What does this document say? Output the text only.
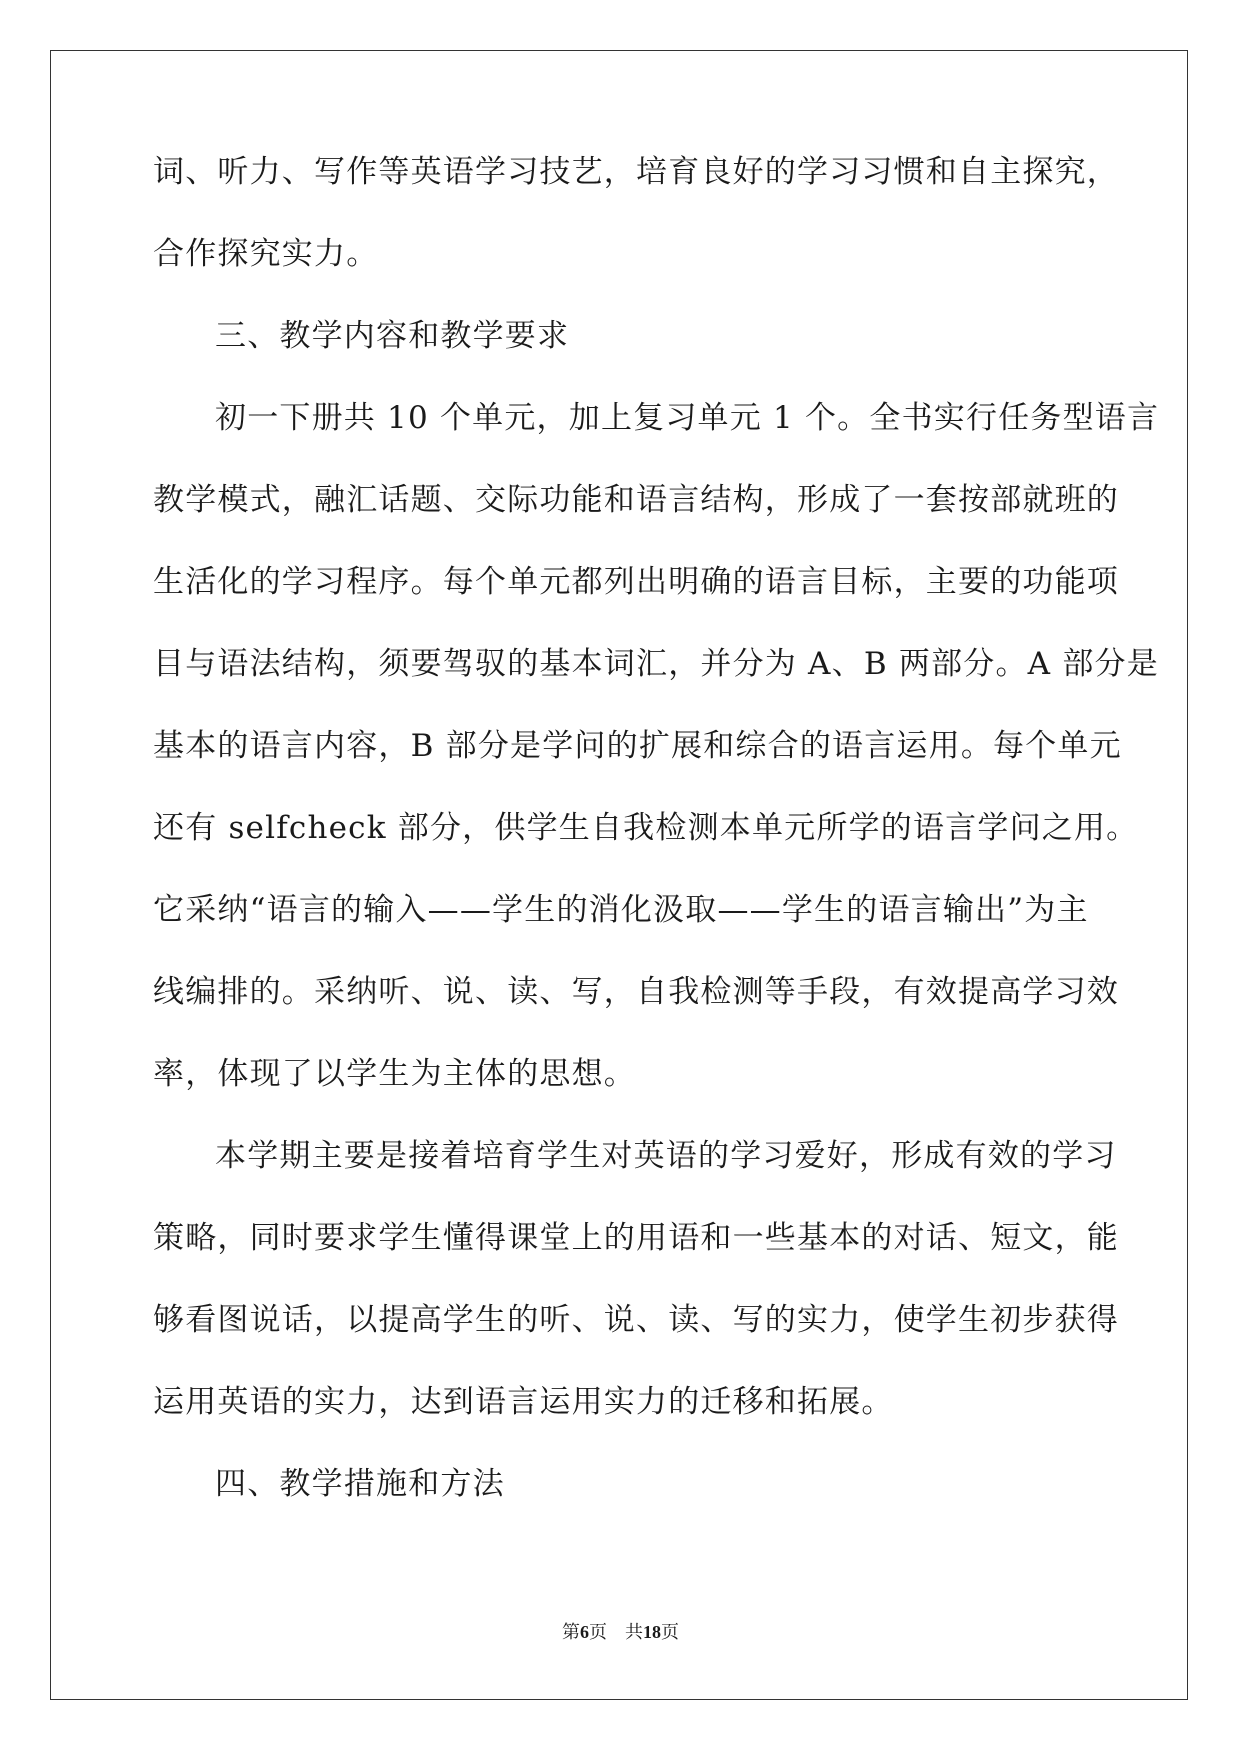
词、听力、写作等英语学习技艺，培育良好的学习习惯和自主探究，
合作探究实力。
三、教学内容和教学要求
初一下册共 10 个单元，加上复习单元 1 个。全书实行任务型语言
教学模式，融汇话题、交际功能和语言结构，形成了一套按部就班的
生活化的学习程序。每个单元都列出明确的语言目标，主要的功能项
目与语法结构，须要驾驭的基本词汇，并分为 A、B 两部分。A 部分是
基本的语言内容，B 部分是学问的扩展和综合的语言运用。每个单元
还有 selfcheck 部分，供学生自我检测本单元所学的语言学问之用。
它采纳“语言的输入——学生的消化汲取——学生的语言输出”为主
线编排的。采纳听、说、读、写，自我检测等手段，有效提高学习效
率，体现了以学生为主体的思想。
本学期主要是接着培育学生对英语的学习爱好，形成有效的学习
策略，同时要求学生懂得课堂上的用语和一些基本的对话、短文，能
够看图说话，以提高学生的听、说、读、写的实力，使学生初步获得
运用英语的实力，达到语言运用实力的迁移和拓展。
四、教学措施和方法
第6页 共18页
